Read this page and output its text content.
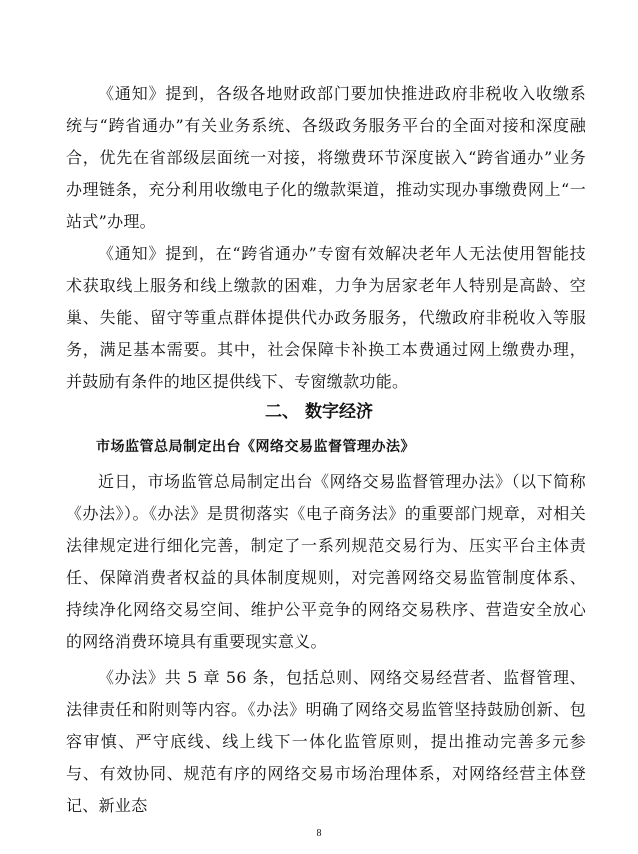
《通知》提到，各级各地财政部门要加快推进政府非税收入收缴系统与“跨省通办”有关业务系统、各级政务服务平台的全面对接和深度融合，优先在省部级层面统一对接，将缴费环节深度嵌入“跨省通办”业务办理链条，充分利用收缴电子化的缴款渠道，推动实现办事缴费网上“一站式”办理。

《通知》提到，在“跨省通办”专窗有效解决老年人无法使用智能技术获取线上服务和线上缴款的困难，力争为居家老年人特别是高龄、空巢、失能、留守等重点群体提供代办政务服务，代缴政府非税收入等服务，满足基本需要。其中，社会保障卡补换工本费通过网上缴费办理，并鼓励有条件的地区提供线下、专窗缴款功能。

二、 数字经济
市场监管总局制定出台《网络交易监督管理办法》

近日，市场监管总局制定出台《网络交易监督管理办法》（以下简称《办法》）。《办法》是贯彻落实《电子商务法》的重要部门规章，对相关法律规定进行细化完善，制定了一系列规范交易行为、压实平台主体责任、保障消费者权益的具体制度规则，对完善网络交易监管制度体系、持续净化网络交易空间、维护公平竞争的网络交易秩序、营造安全放心的网络消费环境具有重要现实意义。

《办法》共 5 章 56 条，包括总则、网络交易经营者、监督管理、法律责任和附则等内容。《办法》明确了网络交易监管坚持鼓励创新、包容审慎、严守底线、线上线下一体化监管原则，提出推动完善多元参与、有效协同、规范有序的网络交易市场治理体系，对网络经营主体登记、新业态

8
